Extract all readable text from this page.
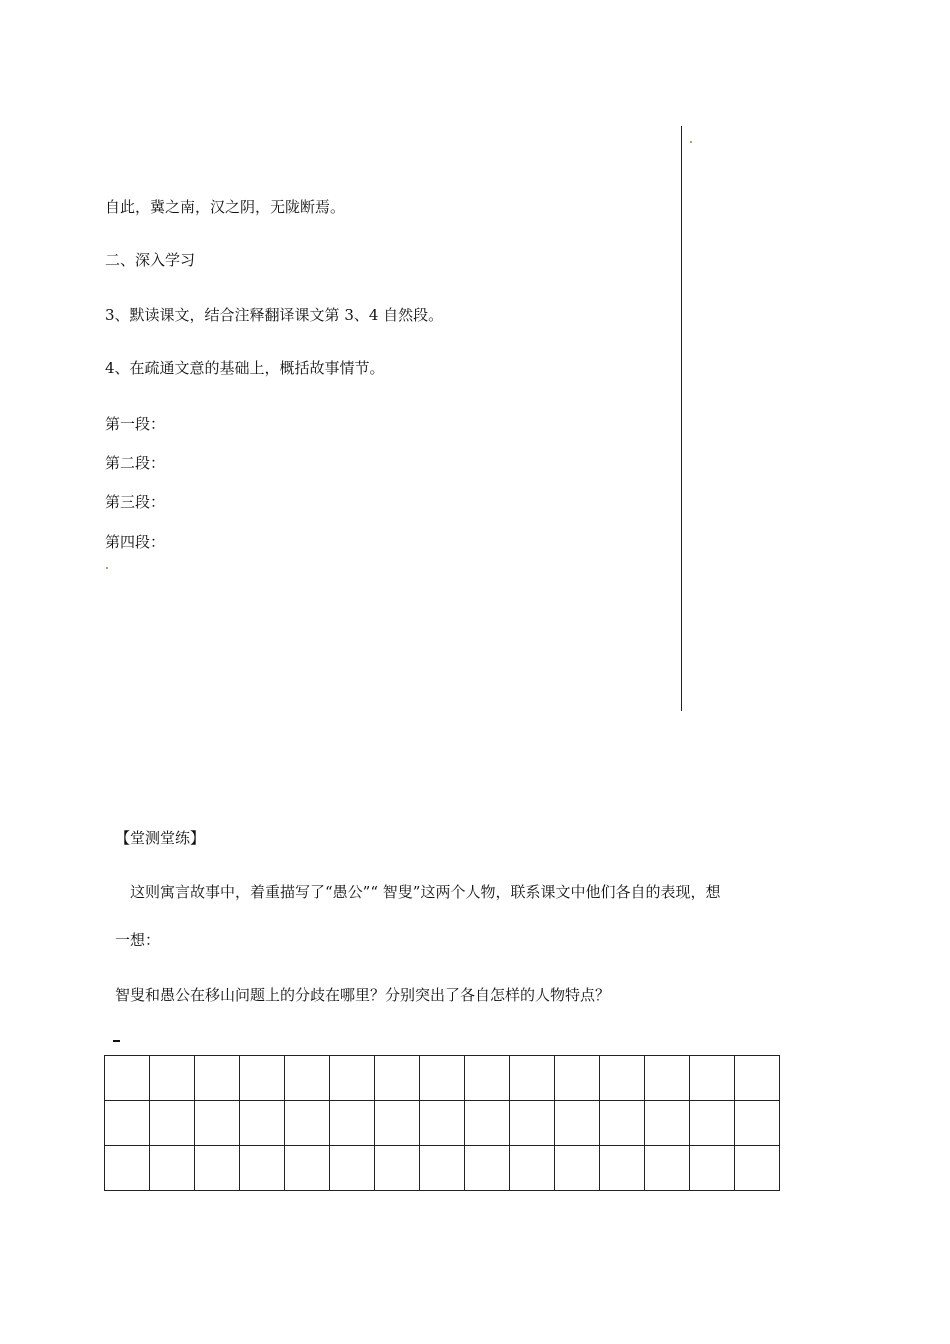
自此，冀之南，汉之阴，无陇断焉。
二、深入学习
3、默读课文，结合注释翻译课文第 3、4 自然段。
4、在疏通文意的基础上，概括故事情节。
第一段：
第二段：
第三段：
第四段：
【堂测堂练】
这则寓言故事中，着重描写了“愚公”“ 智叟”这两个人物，联系课文中他们各自的表现，想
一想：
智叟和愚公在移山问题上的分歧在哪里？分别突出了各自怎样的人物特点？
